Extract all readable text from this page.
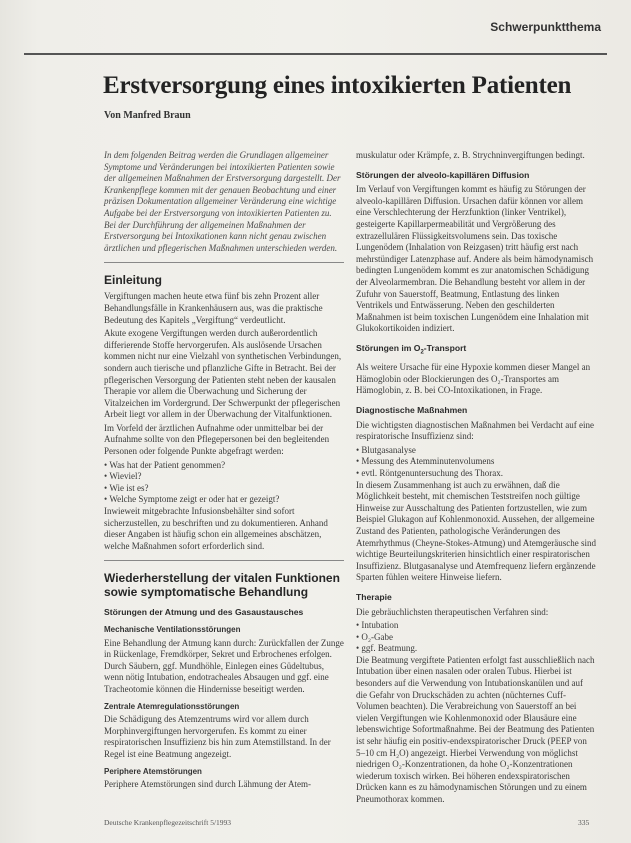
Schwerpunktthema
Erstversorgung eines intoxikierten Patienten
Von Manfred Braun

In dem folgenden Beitrag werden die Grundlagen allgemeiner Symptome und Veränderungen bei intoxikierten Patienten sowie der allgemeinen Maßnahmen der Erstversorgung dargestellt. Der Krankenpflege kommen mit der genauen Beobachtung und einer präzisen Dokumentation allgemeiner Veränderung eine wichtige Aufgabe bei der Erstversorgung von intoxikierten Patienten zu. Bei der Durchführung der allgemeinen Maßnahmen der Erstversorgung bei Intoxikationen kann nicht genau zwischen ärztlichen und pflegerischen Maßnahmen unterschieden werden.

Einleitung

Vergiftungen machen heute etwa fünf bis zehn Prozent aller Behandlungsfälle in Krankenhäusern aus, was die praktische Bedeutung des Kapitels „Vergiftung“ verdeutlicht.

Akute exogene Vergiftungen werden durch außerordentlich differierende Stoffe hervorgerufen. Als auslösende Ursachen kommen nicht nur eine Vielzahl von synthetischen Verbindungen, sondern auch tierische und pflanzliche Gifte in Betracht. Bei der pflegerischen Versorgung der Patienten steht neben der kausalen Therapie vor allem die Überwachung und Sicherung der Vitalzeichen im Vordergrund. Der Schwerpunkt der pflegerischen Arbeit liegt vor allem in der Überwachung der Vitalfunktionen.

Im Vorfeld der ärztlichen Aufnahme oder unmittelbar bei der Aufnahme sollte von den Pflegepersonen bei den begleitenden Personen oder folgende Punkte abgefragt werden:

• Was hat der Patient genommen?
• Wieviel?
• Wie ist es?
• Welche Symptome zeigt er oder hat er gezeigt?

Inwieweit mitgebrachte Infusionsbehälter sind sofort sicherzustellen, zu beschriften und zu dokumentieren. Anhand dieser Angaben ist häufig schon ein allgemeines abschätzen, welche Maßnahmen sofort erforderlich sind.

Wiederherstellung der vitalen Funktionen sowie symptomatische Behandlung
Störungen der Atmung und des Gasaustausches
Mechanische Ventilationsstörungen

Eine Behandlung der Atmung kann durch: Zurückfallen der Zunge in Rückenlage, Fremdkörper, Sekret und Erbrochenes erfolgen. Durch Säubern, ggf. Mundhöhle, Einlegen eines Güdeltubus, wenn nötig Intubation, endotracheales Absaugen und ggf. eine Tracheotomie können die Hindernisse beseitigt werden.

Zentrale Atemregulationsstörungen

Die Schädigung des Atemzentrums wird vor allem durch Morphinvergiftungen hervorgerufen. Es kommt zu einer respiratorischen Insuffizienz bis hin zum Atemstillstand. In der Regel ist eine Beatmung angezeigt.

Periphere Atemstörungen

Periphere Atemstörungen sind durch Lähmung der Atem-

muskulatur oder Krämpfe, z. B. Strychninvergiftungen bedingt.

Störungen der alveolo-kapillären Diffusion

Im Verlauf von Vergiftungen kommt es häufig zu Störungen der alveolo-kapillären Diffusion. Ursachen dafür können vor allem eine Verschlechterung der Herzfunktion (linker Ventrikel), gesteigerte Kapillarpermeabilität und Vergrößerung des extrazellulären Flüssigkeitsvolumens sein. Das toxische Lungenödem (Inhalation von Reizgasen) tritt häufig erst nach mehrstündiger Latenzphase auf. Andere als beim hämodynamisch bedingten Lungenödem kommt es zur anatomischen Schädigung der Alveolarmembran. Die Behandlung besteht vor allem in der Zufuhr von Sauerstoff, Beatmung, Entlastung des linken Ventrikels und Entwässerung. Neben den geschilderten Maßnahmen ist beim toxischen Lungenödem eine Inhalation mit Glukokortikoiden indiziert.

Störungen im $O_2$-Transport

Als weitere Ursache für eine Hypoxie kommen dieser Mangel an Hämoglobin oder Blockierungen des O₂-Transportes am Hämoglobin, z. B. bei CO-Intoxikationen, in Frage.

Diagnostische Maßnahmen

Die wichtigsten diagnostischen Maßnahmen bei Verdacht auf eine respiratorische Insuffizienz sind:

• Blutgasanalyse
• Messung des Atemminutenvolumens
• evtl. Röntgenuntersuchung des Thorax.

In diesem Zusammenhang ist auch zu erwähnen, daß die Möglichkeit besteht, mit chemischen Teststreifen noch gültige Hinweise zur Ausschaltung des Patienten fortzustellen, wie zum Beispiel Glukagon auf Kohlenmonoxid. Aussehen, der allgemeine Zustand des Patienten, pathologische Veränderungen des Atemrhythmus (Cheyne-Stokes-Atmung) und Atemgeräusche sind wichtige Beurteilungskriterien hinsichtlich einer respiratorischen Insuffizienz. Blutgasanalyse und Atemfrequenz liefern ergänzende Sparten fühlen weitere Hinweise liefern.

Therapie

Die gebräuchlichsten therapeutischen Verfahren sind:

• Intubation
• O₂-Gabe
• ggf. Beatmung.

Die Beatmung vergiftete Patienten erfolgt fast ausschließlich nach Intubation über einen nasalen oder oralen Tubus. Hierbei ist besonders auf die Verwendung von Intubationskanülen und auf die Gefahr von Druckschäden zu achten (nüchternes Cuff-Volumen beachten). Die Verabreichung von Sauerstoff an bei vielen Vergiftungen wie Kohlenmonoxid oder Blausäure eine lebenswichtige Sofortmaßnahme. Bei der Beatmung des Patienten ist sehr häufig ein positiv-endexspiratorischer Druck (PEEP von 5–10 cm H₂O) angezeigt. Hierbei Verwendung von möglichst niedrigen O₂-Konzentrationen, da hohe O₂-Konzentrationen wiederum toxisch wirken. Bei höheren endexspiratorischen Drücken kann es zu hämodynamischen Störungen und zu einem Pneumothorax kommen.

Deutsche Krankenpflegezeitschrift 5/1993	335
